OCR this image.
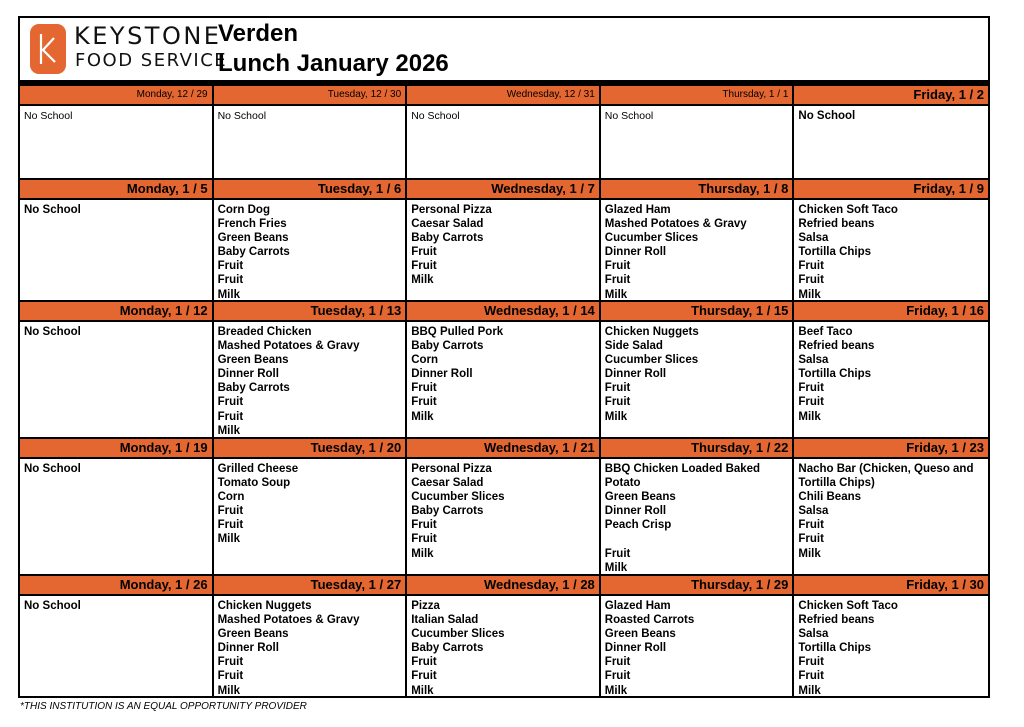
KEYSTONE
FOOD SERVICE
Verden
Lunch January 2026
Monday, 12 / 29
No School
Tuesday, 12 / 30
No School
Wednesday, 12 / 31
No School
Thursday, 1 / 1
No School
Friday, 1 / 2
No School
Monday, 1 / 5
No School
Tuesday, 1 / 6
Corn Dog
French Fries
Green Beans
Baby Carrots
Fruit
Fruit
Milk
Wednesday, 1 / 7
Personal Pizza
Caesar Salad
Baby Carrots
Fruit
Fruit
Milk
Thursday, 1 / 8
Glazed Ham
Mashed Potatoes & Gravy
Cucumber Slices
Dinner Roll
Fruit
Fruit
Milk
Friday, 1 / 9
Chicken Soft Taco
Refried beans
Salsa
Tortilla Chips
Fruit
Fruit
Milk
Monday, 1 / 12
No School
Tuesday, 1 / 13
Breaded Chicken
Mashed Potatoes & Gravy
Green Beans
Dinner Roll
Baby Carrots
Fruit
Fruit
Milk
Wednesday, 1 / 14
BBQ Pulled Pork
Baby Carrots
Corn
Dinner Roll
Fruit
Fruit
Milk
Thursday, 1 / 15
Chicken Nuggets
Side Salad
Cucumber Slices
Dinner Roll
Fruit
Fruit
Milk
Friday, 1 / 16
Beef Taco
Refried beans
Salsa
Tortilla Chips
Fruit
Fruit
Milk
Monday, 1 / 19
No School
Tuesday, 1 / 20
Grilled Cheese
Tomato Soup
Corn
Fruit
Fruit
Milk
Wednesday, 1 / 21
Personal Pizza
Caesar Salad
Cucumber Slices
Baby Carrots
Fruit
Fruit
Milk
Thursday, 1 / 22
BBQ Chicken Loaded Baked Potato
Green Beans
Dinner Roll
Peach Crisp
Fruit
Milk
Friday, 1 / 23
Nacho Bar (Chicken, Queso and Tortilla Chips)
Chili Beans
Salsa
Fruit
Fruit
Milk
Monday, 1 / 26
No School
Tuesday, 1 / 27
Chicken Nuggets
Mashed Potatoes & Gravy
Green Beans
Dinner Roll
Fruit
Fruit
Milk
Wednesday, 1 / 28
Pizza
Italian Salad
Cucumber Slices
Baby Carrots
Fruit
Fruit
Milk
Thursday, 1 / 29
Glazed Ham
Roasted Carrots
Green Beans
Dinner Roll
Fruit
Fruit
Milk
Friday, 1 / 30
Chicken Soft Taco
Refried beans
Salsa
Tortilla Chips
Fruit
Fruit
Milk
*THIS INSTITUTION IS AN EQUAL OPPORTUNITY PROVIDER
